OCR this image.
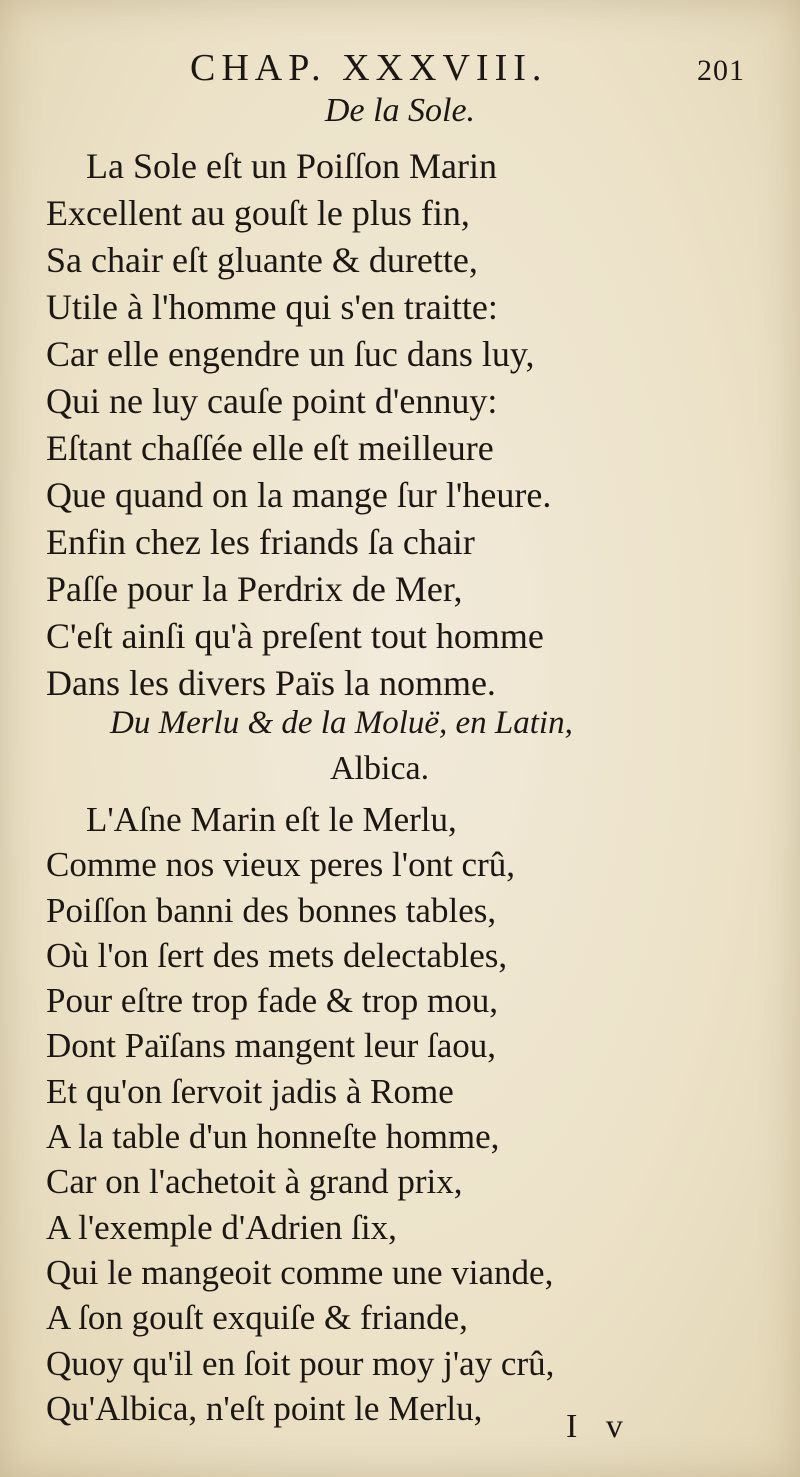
CHAP. XXXVIII.	201
De la Sole.
La Sole eſt un Poiſſon Marin
Excellent au gouſt le plus fin,
Sa chair eſt gluante & durette,
Utile à l'homme qui s'en traitte:
Car elle engendre un ſuc dans luy,
Qui ne luy cauſe point d'ennuy:
Eſtant chaſſée elle eſt meilleure
Que quand on la mange ſur l'heure.
Enfin chez les friands ſa chair
Paſſe pour la Perdrix de Mer,
C'eſt ainſi qu'à preſent tout homme
Dans les divers Païs la nomme.
Du Merlu & de la Moluë, en Latin,
Albica.
L'Aſne Marin eſt le Merlu,
Comme nos vieux peres l'ont crû,
Poiſſon banni des bonnes tables,
Où l'on ſert des mets delectables,
Pour eſtre trop fade & trop mou,
Dont Païſans mangent leur ſaou,
Et qu'on ſervoit jadis à Rome
A la table d'un honneſte homme,
Car on l'achetoit à grand prix,
A l'exemple d'Adrien ſix,
Qui le mangeoit comme une viande,
A ſon gouſt exquiſe & friande,
Quoy qu'il en ſoit pour moy j'ay crû,
Qu'Albica, n'eſt point le Merlu,	I v
